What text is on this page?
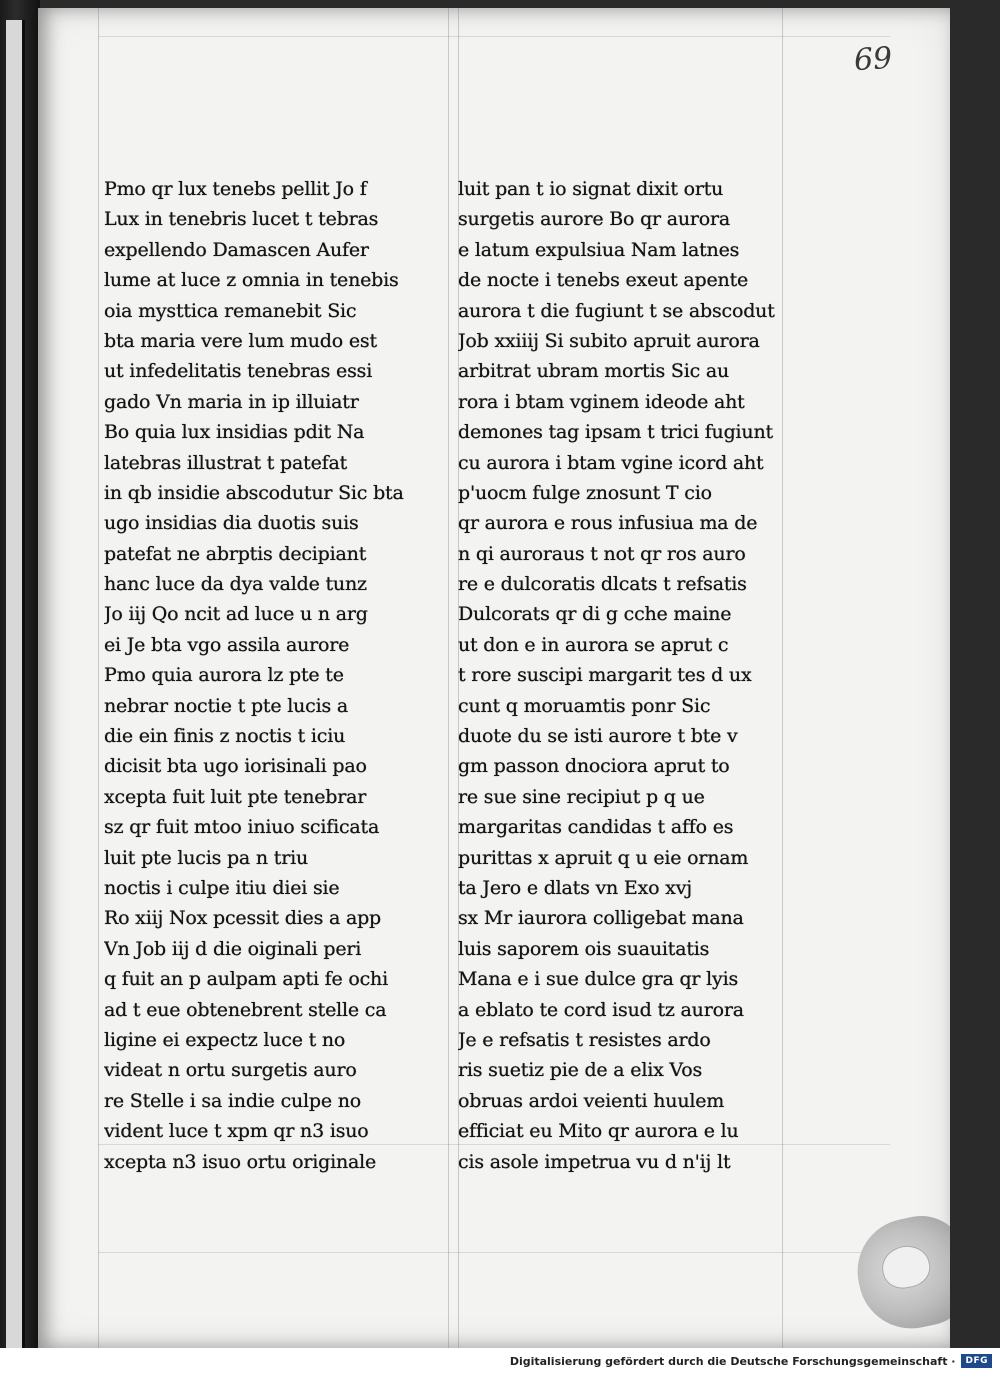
69
Pmo qr lux tenebs pellit Jo f
Lux in tenebris lucet t tebras
expellendo Damascen Aufer
lume at luce z omnia in tenebis
oia mysttica remanebit Sic
bta maria vere lum mudo est
ut infedelitatis tenebras essi
gado Vn maria in ip illuiatr
Bo quia lux insidias pdit Na
latebras illustrat t patefat
in qb insidie abscodutur Sic bta
ugo insidias dia duotis suis
patefat ne abrptis decipiant
hanc luce da dya valde tunz
Jo iij Qo ncit ad luce u n arg
ei Je bta vgo assila aurore
Pmo quia aurora lz pte te
nebrar noctie t pte lucis a
die ein finis z noctis t iciu
dicisit bta ugo iorisinali pao
xcepta fuit luit pte tenebrar
sz qr fuit mtoo iniuo scificata
luit pte lucis pa n triu
noctis i culpe itiu diei sie
Ro xiij Nox pcessit dies a app
Vn Job iij d die oiginali peri
q fuit an p aulpam apti fe ochi
ad t eue obtenebrent stelle ca
ligine ei expectz luce t no
videat n ortu surgetis auro
re Stelle i sa indie culpe no
vident luce t xpm qr n3 isuo
xcepta n3 isuo ortu originale
luit pan t io signat dixit ortu
surgetis aurore Bo qr aurora
e latum expulsiua Nam latnes
de nocte i tenebs exeut apente
aurora t die fugiunt t se abscodut
Job xxiiij Si subito apruit aurora
arbitrat ubram mortis Sic au
rora i btam vginem ideode aht
demones tag ipsam t trici fugiunt
cu aurora i btam vgine icord aht
p'uocm fulge znosunt T cio
qr aurora e rous infusiua ma de
n qi auroraus t not qr ros auro
re e dulcoratis dlcats t refsatis
Dulcorats qr di g cche maine
ut don e in aurora se aprut c
t rore suscipi margarit tes d ux
cunt q moruamtis ponr Sic
duote du se isti aurore t bte v
gm passon dnociora aprut to
re sue sine recipiut p q ue
margaritas candidas t affo es
purittas x apruit q u eie ornam
ta Jero e dlats vn Exo xvj
sx Mr iaurora colligebat mana
luis saporem ois suauitatis
Mana e i sue dulce gra qr lyis
a eblato te cord isud tz aurora
Je e refsatis t resistes ardo
ris suetiz pie de a elix Vos
obruas ardoi veienti huulem
efficiat eu Mito qr aurora e lu
cis asole impetrua vu d n'ij lt
Digitalisierung gefördert durch die Deutsche Forschungsgemeinschaft ·	DFG
